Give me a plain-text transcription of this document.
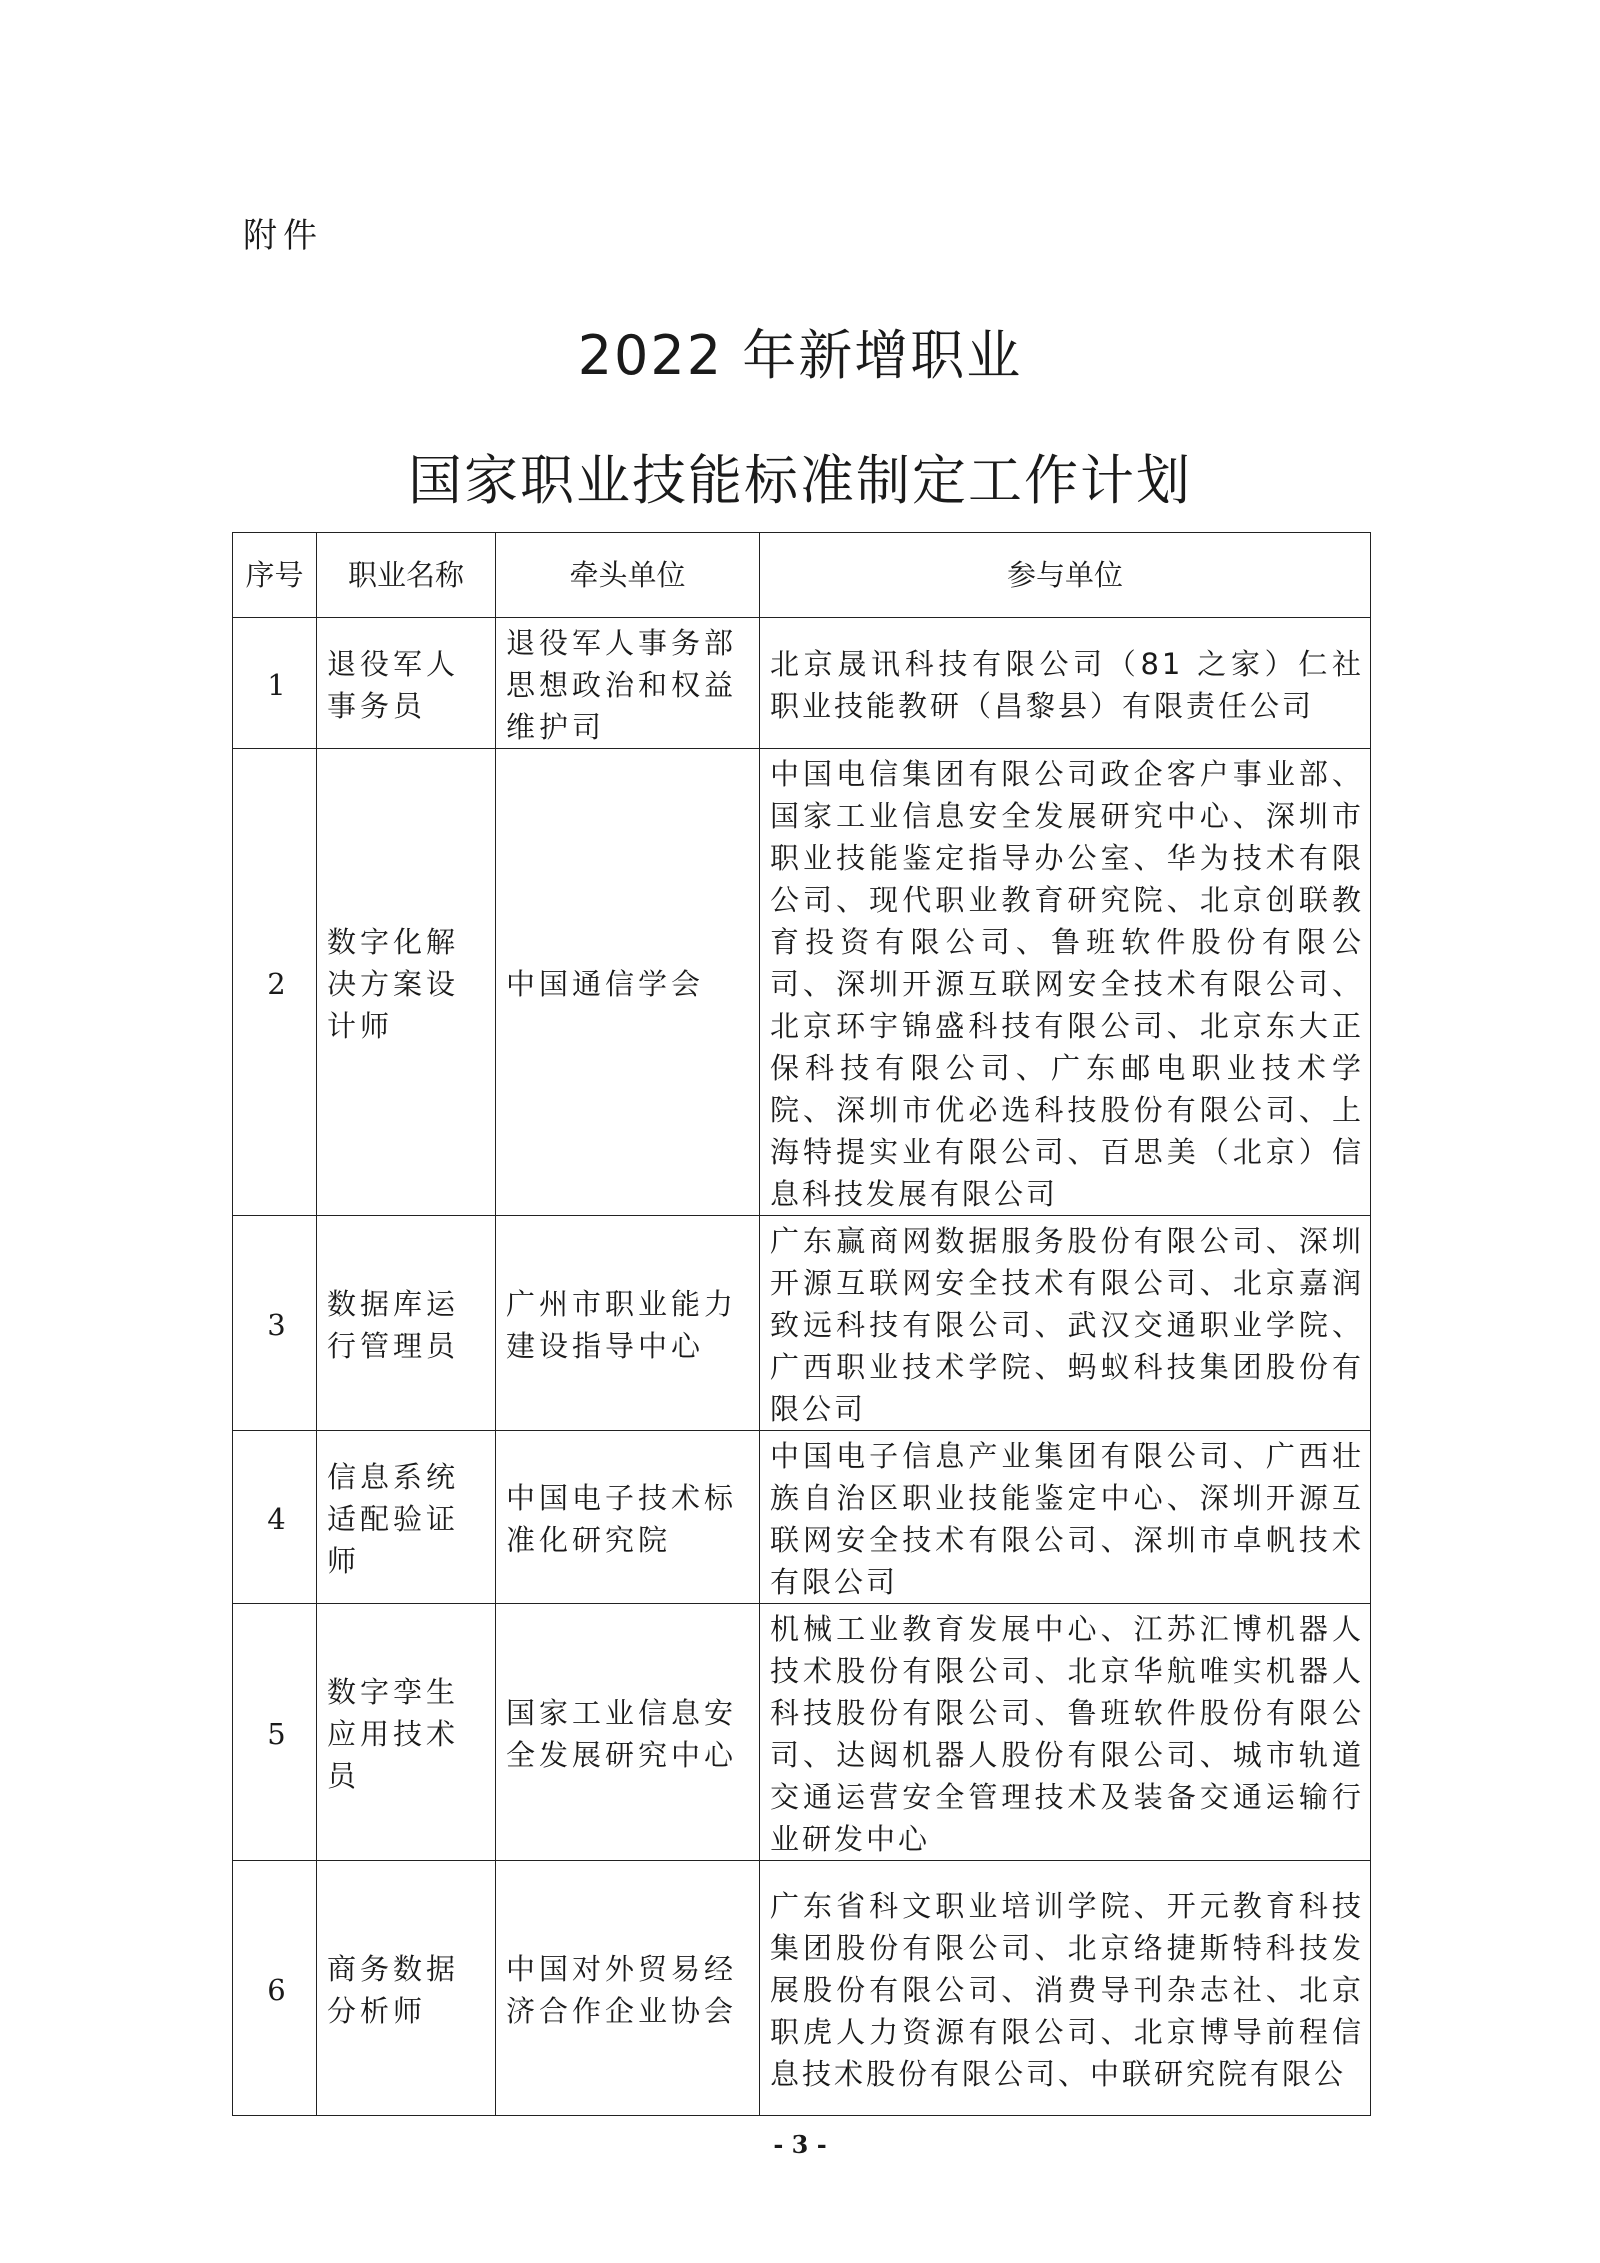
附件
2022 年新增职业
国家职业技能标准制定工作计划
序号	职业名称	牵头单位	参与单位
1	退役军人事务员	退役军人事务部思想政治和权益维护司	北京晟讯科技有限公司（81 之家）仁社职业技能教研（昌黎县）有限责任公司
2	数字化解决方案设计师	中国通信学会	中国电信集团有限公司政企客户事业部、国家工业信息安全发展研究中心、深圳市职业技能鉴定指导办公室、华为技术有限公司、现代职业教育研究院、北京创联教育投资有限公司、鲁班软件股份有限公司、深圳开源互联网安全技术有限公司、北京环宇锦盛科技有限公司、北京东大正保科技有限公司、广东邮电职业技术学院、深圳市优必选科技股份有限公司、上海特提实业有限公司、百思美（北京）信息科技发展有限公司
3	数据库运行管理员	广州市职业能力建设指导中心	广东赢商网数据服务股份有限公司、深圳开源互联网安全技术有限公司、北京嘉润致远科技有限公司、武汉交通职业学院、广西职业技术学院、蚂蚁科技集团股份有限公司
4	信息系统适配验证师	中国电子技术标准化研究院	中国电子信息产业集团有限公司、广西壮族自治区职业技能鉴定中心、深圳开源互联网安全技术有限公司、深圳市卓帆技术有限公司
5	数字孪生应用技术员	国家工业信息安全发展研究中心	机械工业教育发展中心、江苏汇博机器人技术股份有限公司、北京华航唯实机器人科技股份有限公司、鲁班软件股份有限公司、达闼机器人股份有限公司、城市轨道交通运营安全管理技术及装备交通运输行业研发中心
6	商务数据分析师	中国对外贸易经济合作企业协会	广东省科文职业培训学院、开元教育科技集团股份有限公司、北京络捷斯特科技发展股份有限公司、消费导刊杂志社、北京职虎人力资源有限公司、北京博导前程信息技术股份有限公司、中联研究院有限公
- 3 -
